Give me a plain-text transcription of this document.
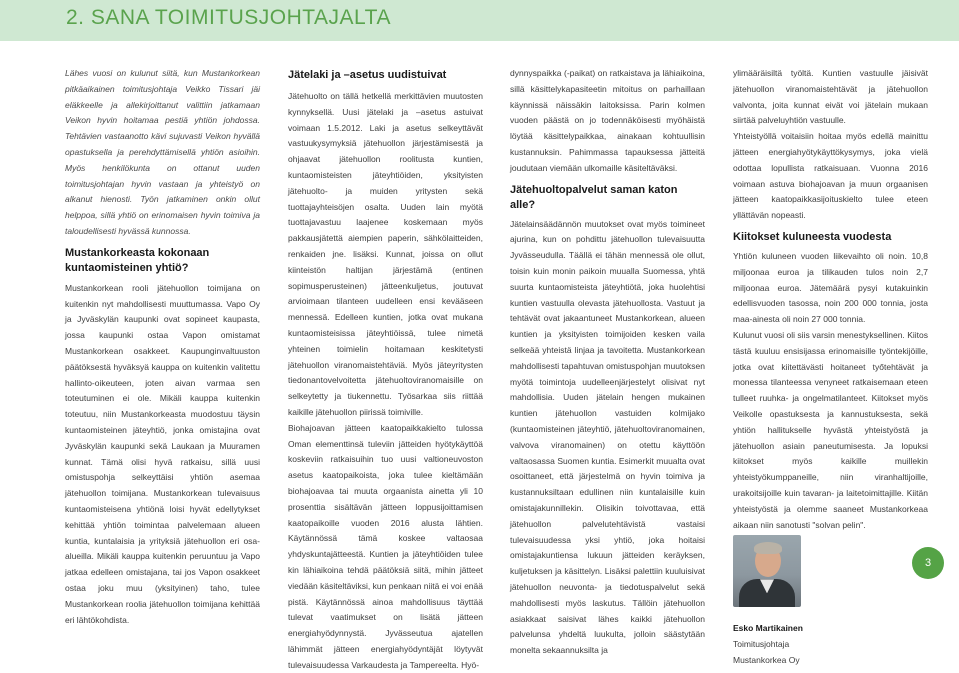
2. SANA TOIMITUSJOHTAJALTA

Lähes vuosi on kulunut siitä, kun Mustankorkean pitkäaikainen toimitusjohtaja Veikko Tissari jäi eläkkeelle ja allekirjoittanut valittiin jatkamaan Veikon hyvin hoitamaa pestiä yhtiön johdossa. Tehtävien vastaanotto kävi sujuvasti Veikon hyvällä opastuksella ja perehdyttämisellä yhtiön asioihin. Myös henkilökunta on ottanut uuden toimitusjohtajan hyvin vastaan ja yhteistyö on alkanut hienosti. Työn jatkaminen onkin ollut helppoa, sillä yhtiö on erinomaisen hyvin toimiva ja taloudellisesti hyvässä kunnossa.

Mustankorkeasta kokonaan kuntaomisteinen yhtiö?

Mustankorkean rooli jätehuollon toimijana on kuitenkin nyt mahdollisesti muuttumassa. Vapo Oy ja Jyväskylän kaupunki ovat sopineet kaupasta, jossa kaupunki ostaa Vapon omistamat Mustankorkean osakkeet. Kaupunginvaltuuston päätöksestä hyväksyä kauppa on kuitenkin valitettu hallinto-oikeuteen, joten aivan varmaa sen toteutuminen ei ole. Mikäli kauppa kuitenkin toteutuu, niin Mustankorkeasta muodostuu täysin kuntaomisteinen jäteyhtiö, jonka omistajina ovat Jyväskylän kaupunki sekä Laukaan ja Muuramen kunnat. Tämä olisi hyvä ratkaisu, sillä uusi omistuspohja selkeyttäisi yhtiön asemaa jätehuollon toimijana. Mustankorkean tulevaisuus kuntaomisteisena yhtiönä loisi hyvät edellytykset kehittää yhtiön toimintaa palvelemaan alueen kuntia, kuntalaisia ja yrityksiä jätehuollon eri osa-alueilla. Mikäli kauppa kuitenkin peruuntuu ja Vapo jatkaa edelleen omistajana, tai jos Vapon osakkeet ostaa joku muu (yksityinen) taho, tulee Mustankorkean roolia jätehuollon toimijana kehittää eri lähtökohdista.

Jätelaki ja –asetus uudistuivat

Jätehuolto on tällä hetkellä merkittävien muutosten kynnyksellä. Uusi jätelaki ja –asetus astuivat voimaan 1.5.2012. Laki ja asetus selkeyttävät vastuukysymyksiä jätehuollon järjestämisestä ja ohjaavat jätehuollon roolitusta kuntien, kuntaomisteisten jäteyhtiöiden, yksityisten jätehuolto- ja muiden yritysten sekä tuottajayhteisöjen osalta. Uuden lain myötä tuottajavastuu laajenee koskemaan myös pakkausjätettä aiempien paperin, sähkölaitteiden, renkaiden jne. lisäksi. Kunnat, joissa on ollut kiinteistön haltijan järjestämä (entinen sopimusperusteinen) jätteenkuljetus, joutuvat arvioimaan tilanteen uudelleen ensi kevääseen mennessä. Edelleen kuntien, jotka ovat mukana kuntaomisteisissa jäteyhtiöissä, tulee nimetä yhteinen toimielin hoitamaan keskitetysti jätehuollon viranomaistehtäviä. Myös jäteyritysten tiedonantovelvoitetta jätehuoltoviranomaisille on selkeytetty ja tiukennettu. Työsarkaa siis riittää kaikille jätehuollon piirissä toimiville.

Biohajoavan jätteen kaatopaikkakielto tulossa Oman elementtinsä tuleviin jätteiden hyötykäyttöä koskeviin ratkaisuihin tuo uusi valtioneuvoston asetus kaatopaikoista, joka tulee kieltämään biohajoavaa tai muuta orgaanista ainetta yli 10 prosenttia sisältävän jätteen loppusijoittamisen kaatopaikoille vuoden 2016 alusta lähtien. Käytännössä tämä koskee valtaosaa yhdyskuntajätteestä. Kuntien ja jäteyhtiöiden tulee kin lähiaikoina tehdä päätöksiä siitä, mihin jätteet viedään käsiteltäviksi, kun penkaan niitä ei voi enää pistä. Käytännössä ainoa mahdollisuus täyttää tulevat vaatimukset on lisätä jätteen energiahyödynnystä. Jyvässeutua ajatellen lähimmät jätteen energiahyödyntäjät löytyvät tulevaisuudessa Varkaudesta ja Tampereelta. Hyö-

dynnyspaikka (-paikat) on ratkaistava ja lähiaikoina, sillä käsittelykapasiteetin mitoitus on parhaillaan käynnissä näissäkin laitoksissa. Parin kolmen vuoden päästä on jo todennäköisesti myöhäistä löytää käsittelypaikkaa, ainakaan kohtuullisin kustannuksin. Pahimmassa tapauksessa jätteitä joudutaan viemään ulkomaille käsiteltäväksi.

Jätehuoltopalvelut saman katon alle?

Jätelainsäädännön muutokset ovat myös toimineet ajurina, kun on pohdittu jätehuollon tulevaisuutta Jyvässeudulla. Täällä ei tähän mennessä ole ollut, toisin kuin monin paikoin muualla Suomessa, yhtä suurta kuntaomisteista jäteyhtiötä, joka huolehtisi kuntien vastuulla olevasta jätehuollosta. Vastuut ja tehtävät ovat jakaantuneet Mustankorkean, alueen kuntien ja yksityisten toimijoiden kesken vaila selkeää yhteistä linjaa ja tavoitetta. Mustankorkean mahdollisesti tapahtuvan omistuspohjan muutoksen myötä toimintoja uudelleenjärjestelyt olisivat nyt mahdollisia. Uuden jätelain hengen mukainen kuntien jätehuollon vastuiden kolmijako (kuntaomisteinen jäteyhtiö, jätehuoltoviranomainen, valvova viranomainen) on otettu käyttöön valtaosassa Suomen kuntia. Esimerkit muualta ovat osoittaneet, että järjestelmä on hyvin toimiva ja kustannuksiltaan edullinen niin kuntalaisille kuin omistajakunnillekin. Olisikin toivottavaa, että jätehuollon palvelutehtävistä vastaisi tulevaisuudessa yksi yhtiö, joka hoitaisi omistajakuntiensa lukuun jätteiden keräyksen, kuljetuksen ja käsittelyn. Lisäksi palettiin kuuluisivat jätehuollon neuvonta- ja tiedotuspalvelut sekä mahdollisesti myös laskutus. Tällöin jätehuollon asiakkaat saisivat lähes kaikki jätehuollon palvelunsa yhdeltä luukulta, jolloin säästytään monelta sekaannuksilta ja

ylimääräisiltä työltä. Kuntien vastuulle jäisivät jätehuollon viranomaistehtävät ja jätehuollon valvonta, joita kunnat eivät voi jätelain mukaan siirtää palveluyhtiön vastuulle.

Yhteistyöllä voitaisiin hoitaa myös edellä mainittu jätteen energiahyötykäyttökysymys, joka vielä odottaa lopullista ratkaisuaan. Vuonna 2016 voimaan astuva biohajoavan ja muun orgaanisen jätteen kaatopaikkasijoituskielto tulee eteen yllättävän nopeasti.

Kiitokset kuluneesta vuodesta

Yhtiön kuluneen vuoden liikevaihto oli noin. 10,8 miljoonaa euroa ja tilikauden tulos noin 2,7 miljoonaa euroa. Jätemäärä pysyi kutakuinkin edellisvuoden tasossa, noin 200 000 tonnia, josta maa-ainesta oli noin 27 000 tonnia.

Kulunut vuosi oli siis varsin menestyksellinen. Kiitos tästä kuuluu ensisijassa erinomaisille työntekijöille, jotka ovat kiitettävästi hoitaneet tyőtehtävät ja monessa tilanteessa venyneet ratkaisemaan eteen tulleet ruuhka- ja ongelmatilanteet. Kiitokset myös Veikolle opastuksesta ja kannustuksesta, sekä yhtiön hallitukselle hyvästä yhteistyöstä ja jätehuollon asiain paneutumisesta. Ja lopuksi kiitokset myös kaikille muillekin yhteistyökumppaneille, niin viranhaltijoille, urakoitsijoille kuin tavaran- ja laitetoimittajille. Kiitän yhteistyöstä ja olemme saaneet Mustankorkeaa aikaan niin sanotusti "solvan pelin".

Esko Martikainen

Toimitusjohtaja

Mustankorkea Oy

3
